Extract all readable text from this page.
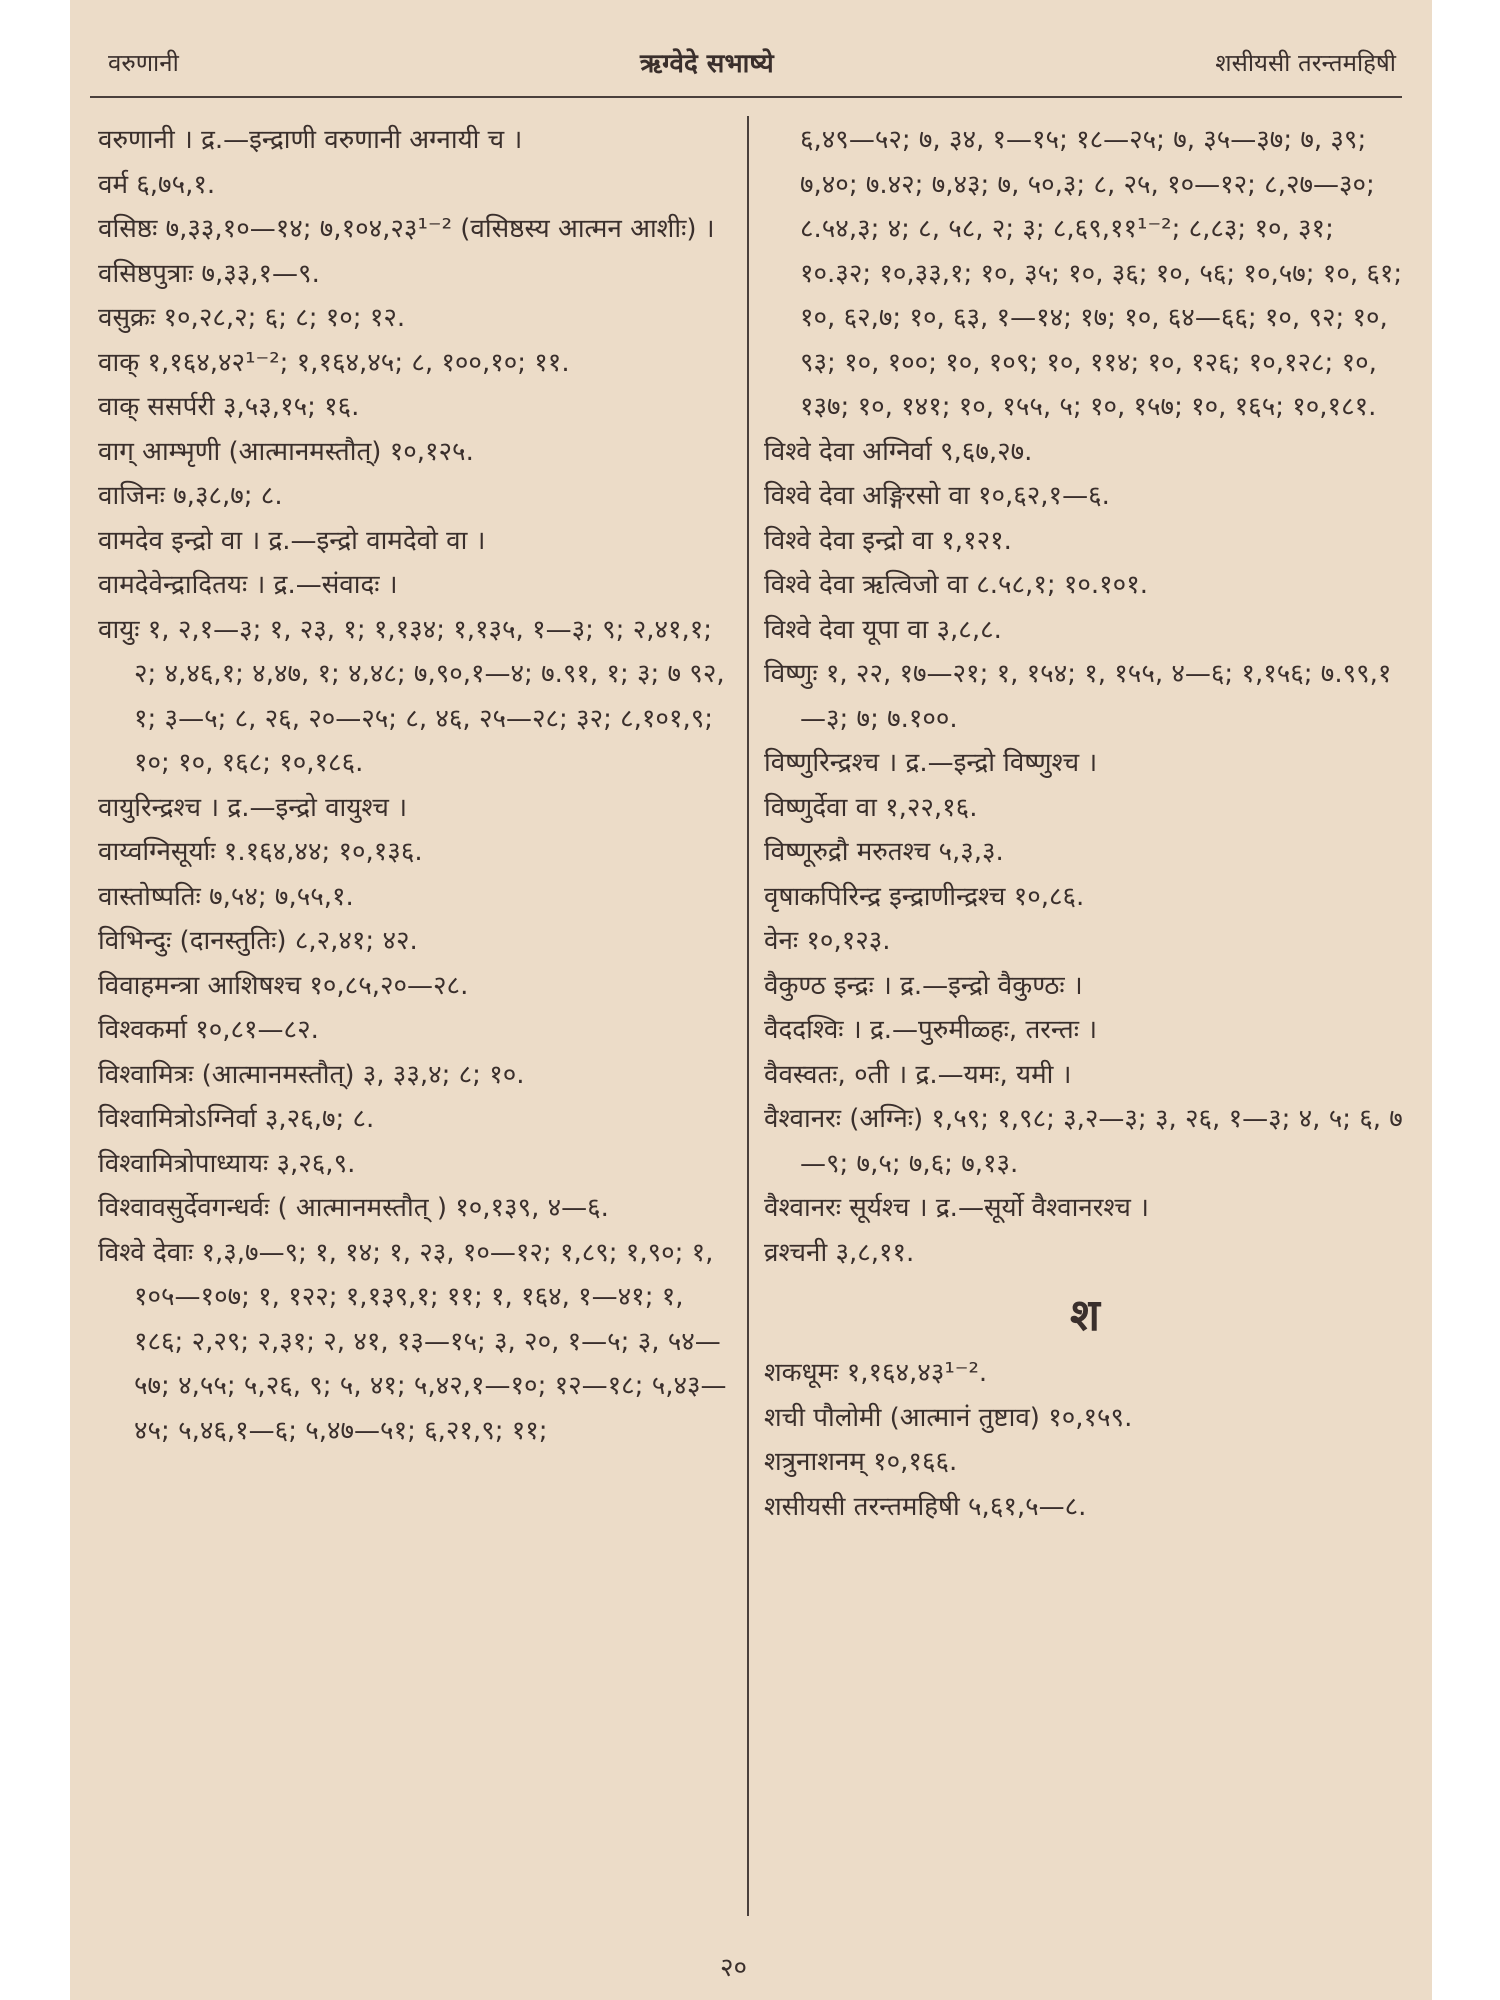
वरुणानी	ऋग्वेदे सभाष्ये	शसीयसी तरन्तमहिषी

वरुणानी । द्र.—इन्द्राणी वरुणानी अग्नायी च ।

वर्म ६,७५,१.

वसिष्ठः ७,३३,१०—१४; ७,१०४,२३¹⁻² (वसिष्ठस्य आत्मन आशीः) ।

वसिष्ठपुत्राः ७,३३,१—९.

वसुक्रः १०,२८,२; ६; ८; १०; १२.

वाक् १,१६४,४२¹⁻²; १,१६४,४५; ८, १००,१०; ११.

वाक् ससर्परी ३,५३,१५; १६.

वाग् आम्भृणी (आत्मानमस्तौत्) १०,१२५.

वाजिनः ७,३८,७; ८.

वामदेव इन्द्रो वा । द्र.—इन्द्रो वामदेवो वा ।

वामदेवेन्द्रादितयः । द्र.—संवादः ।

वायुः १, २,१—३; १, २३, १; १,१३४; १,१३५, १—३; ९; २,४१,१; २; ४,४६,१; ४,४७, १; ४,४८; ७,९०,१—४; ७.९१, १; ३; ७ ९२, १; ३—५; ८, २६, २०—२५; ८, ४६, २५—२८; ३२; ८,१०१,९; १०; १०, १६८; १०,१८६.

वायुरिन्द्रश्च । द्र.—इन्द्रो वायुश्च ।

वाय्वग्निसूर्याः १.१६४,४४; १०,१३६.

वास्तोष्पतिः ७,५४; ७,५५,१.

विभिन्दुः (दानस्तुतिः) ८,२,४१; ४२.

विवाहमन्त्रा आशिषश्च १०,८५,२०—२८.

विश्वकर्मा १०,८१—८२.

विश्वामित्रः (आत्मानमस्तौत्) ३, ३३,४; ८; १०.

विश्वामित्रोऽग्निर्वा ३,२६,७; ८.

विश्वामित्रोपाध्यायः ३,२६,९.

विश्वावसुर्देवगन्धर्वः ( आत्मानमस्तौत् ) १०,१३९, ४—६.

विश्वे देवाः १,३,७—९; १, १४; १, २३, १०—१२; १,८९; १,९०; १, १०५—१०७; १, १२२; १,१३९,१; ११; १, १६४, १—४१; १, १८६; २,२९; २,३१; २, ४१, १३—१५; ३, २०, १—५; ३, ५४—५७; ४,५५; ५,२६, ९; ५, ४१; ५,४२,१—१०; १२—१८; ५,४३—४५; ५,४६,१—६; ५,४७—५१; ६,२१,९; ११;

६,४९—५२; ७, ३४, १—१५; १८—२५; ७, ३५—३७; ७, ३९; ७,४०; ७.४२; ७,४३; ७, ५०,३; ८, २५, १०—१२; ८,२७—३०; ८.५४,३; ४; ८, ५८, २; ३; ८,६९,११¹⁻²; ८,८३; १०, ३१; १०.३२; १०,३३,१; १०, ३५; १०, ३६; १०, ५६; १०,५७; १०, ६१; १०, ६२,७; १०, ६३, १—१४; १७; १०, ६४—६६; १०, ९२; १०, ९३; १०, १००; १०, १०९; १०, ११४; १०, १२६; १०,१२८; १०, १३७; १०, १४१; १०, १५५, ५; १०, १५७; १०, १६५; १०,१८१.

विश्वे देवा अग्निर्वा ९,६७,२७.

विश्वे देवा अङ्गिरसो वा १०,६२,१—६.

विश्वे देवा इन्द्रो वा १,१२१.

विश्वे देवा ऋत्विजो वा ८.५८,१; १०.१०१.

विश्वे देवा यूपा वा ३,८,८.

विष्णुः १, २२, १७—२१; १, १५४; १, १५५, ४—६; १,१५६; ७.९९,१—३; ७; ७.१००.

विष्णुरिन्द्रश्च । द्र.—इन्द्रो विष्णुश्च ।

विष्णुर्देवा वा १,२२,१६.

विष्णूरुद्रौ मरुतश्च ५,३,३.

वृषाकपिरिन्द्र इन्द्राणीन्द्रश्च १०,८६.

वेनः १०,१२३.

वैकुण्ठ इन्द्रः । द्र.—इन्द्रो वैकुण्ठः ।

वैददश्विः । द्र.—पुरुमीळ्हः, तरन्तः ।

वैवस्वतः, ०ती । द्र.—यमः, यमी ।

वैश्वानरः (अग्निः) १,५९; १,९८; ३,२—३; ३, २६, १—३; ४, ५; ६, ७—९; ७,५; ७,६; ७,१३.

वैश्वानरः सूर्यश्च । द्र.—सूर्यो वैश्वानरश्च ।

व्रश्चनी ३,८,११.

श

शकधूमः १,१६४,४३¹⁻².

शची पौलोमी (आत्मानं तुष्टाव) १०,१५९.

शत्रुनाशनम् १०,१६६.

शसीयसी तरन्तमहिषी ५,६१,५—८.

२०
